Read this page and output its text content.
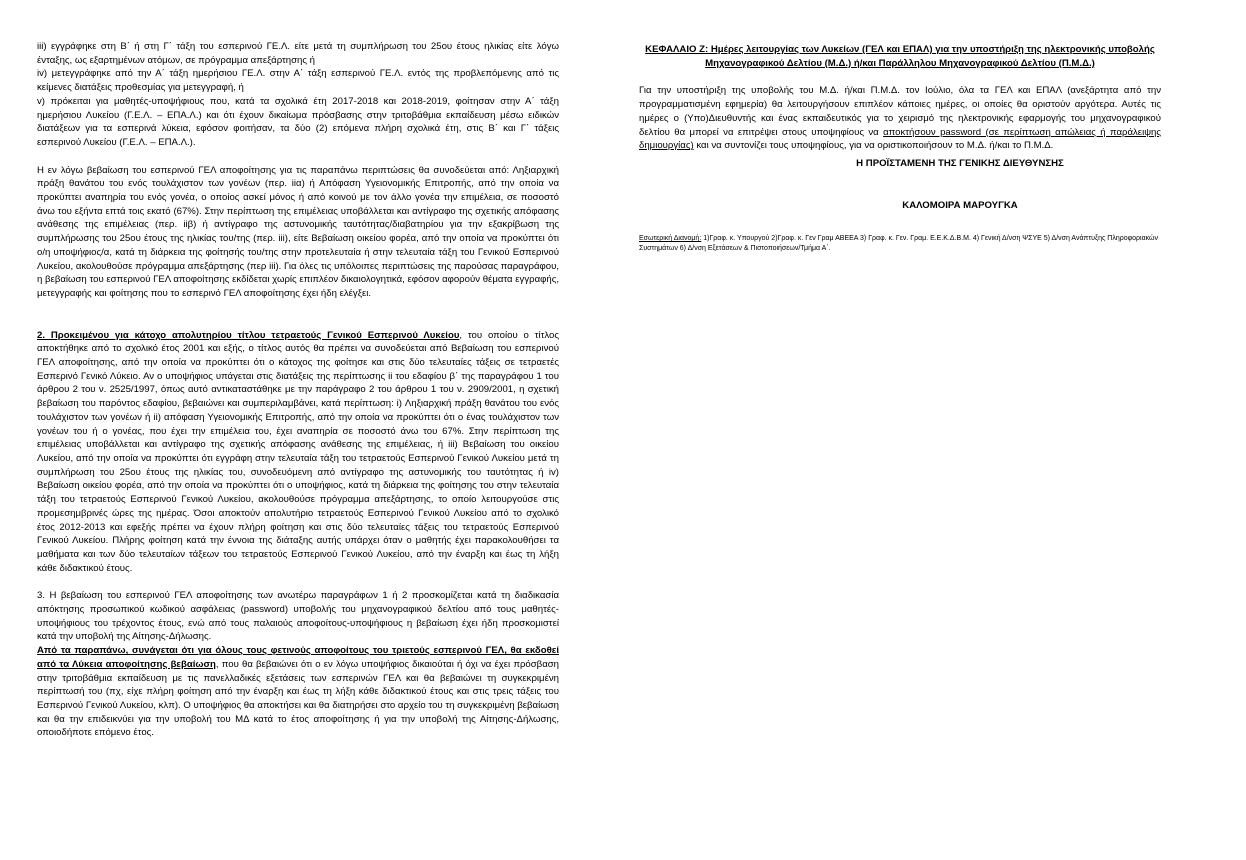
iii) εγγράφηκε στη Β΄ ή στη Γ΄ τάξη του εσπερινού ΓΕ.Λ. είτε μετά τη συμπλήρωση του 25ου έτους ηλικίας είτε λόγω ένταξης, ως εξαρτημένων ατόμων, σε πρόγραμμα απεξάρτησης ή

iv) μετεγγράφηκε από την Α΄ τάξη ημερήσιου ΓΕ.Λ. στην Α΄ τάξη εσπερινού ΓΕ.Λ. εντός της προβλεπόμενης από τις κείμενες διατάξεις προθεσμίας για μετεγγραφή, ή

v) πρόκειται για μαθητές-υποψήφιους που, κατά τα σχολικά έτη 2017-2018 και 2018-2019, φοίτησαν στην Α΄ τάξη ημερήσιου Λυκείου (Γ.Ε.Λ. – ΕΠΑ.Λ.) και ότι έχουν δικαίωμα πρόσβασης στην τριτοβάθμια εκπαίδευση μέσω ειδικών διατάξεων για τα εσπερινά λύκεια, εφόσον φοιτήσαν, τα δύο (2) επόμενα πλήρη σχολικά έτη, στις Β΄ και Γ΄ τάξεις εσπερινού Λυκείου (Γ.Ε.Λ. – ΕΠΑ.Λ.).

Η εν λόγω βεβαίωση του εσπερινού ΓΕΛ αποφοίτησης για τις παραπάνω περιπτώσεις θα συνοδεύεται από: Ληξιαρχική πράξη θανάτου του ενός τουλάχιστον των γονέων (περ. iiα) ή Απόφαση Υγειονομικής Επιτροπής, από την οποία να προκύπτει αναπηρία του ενός γονέα, ο οποίος ασκεί μόνος ή από κοινού με τον άλλο γονέα την επιμέλεια, σε ποσοστό άνω του εξήντα επτά τοις εκατό (67%). Στην περίπτωση της επιμέλειας υποβάλλεται και αντίγραφο της σχετικής απόφασης ανάθεσης της επιμέλειας (περ. iiβ) ή αντίγραφο της αστυνομικής ταυτότητας/διαβατηρίου για την εξακρίβωση της συμπλήρωσης του 25ου έτους της ηλικίας του/της (περ. iii), είτε Βεβαίωση οικείου φορέα, από την οποία να προκύπτει ότι ο/η υποψήφιος/α, κατά τη διάρκεια της φοίτησής του/της στην προτελευταία ή στην τελευταία τάξη του Γενικού Εσπερινού Λυκείου, ακολουθούσε πρόγραμμα απεξάρτησης (περ iii). Για όλες τις υπόλοιπες περιπτώσεις της παρούσας παραγράφου, η βεβαίωση του εσπερινού ΓΕΛ αποφοίτησης εκδίδεται χωρίς επιπλέον δικαιολογητικά, εφόσον αφορούν θέματα εγγραφής, μετεγγραφής και φοίτησης που το εσπερινό ΓΕΛ αποφοίτησης έχει ήδη ελέγξει.

2. Προκειμένου για κάτοχο απολυτηρίου τίτλου τετραετούς Γενικού Εσπερινού Λυκείου, του οποίου ο τίτλος αποκτήθηκε από το σχολικό έτος 2001 και εξής, ο τίτλος αυτός θα πρέπει να συνοδεύεται από Βεβαίωση του εσπερινού ΓΕΛ αποφοίτησης, από την οποία να προκύπτει ότι ο κάτοχος της φοίτησε και στις δύο τελευταίες τάξεις σε τετραετές Εσπερινό Γενικό Λύκειο. Αν ο υποψήφιος υπάγεται στις διατάξεις της περίπτωσης ii του εδαφίου β΄ της παραγράφου 1 του άρθρου 2 του ν. 2525/1997, όπως αυτό αντικαταστάθηκε με την παράγραφο 2 του άρθρου 1 του ν. 2909/2001, η σχετική βεβαίωση του παρόντος εδαφίου, βεβαιώνει και συμπεριλαμβάνει, κατά περίπτωση: i) Ληξιαρχική πράξη θανάτου του ενός τουλάχιστον των γονέων ή ii) απόφαση Υγειονομικής Επιτροπής, από την οποία να προκύπτει ότι ο ένας τουλάχιστον των γονέων του ή ο γονέας, που έχει την επιμέλεια του, έχει αναπηρία σε ποσοστό άνω του 67%. Στην περίπτωση της επιμέλειας υποβάλλεται και αντίγραφο της σχετικής απόφασης ανάθεσης της επιμέλειας, ή iii) Βεβαίωση του οικείου Λυκείου, από την οποία να προκύπτει ότι εγγράφη στην τελευταία τάξη του τετραετούς Εσπερινού Γενικού Λυκείου μετά τη συμπλήρωση του 25ου έτους της ηλικίας του, συνοδευόμενη από αντίγραφο της αστυνομικής του ταυτότητας ή iv) Βεβαίωση οικείου φορέα, από την οποία να προκύπτει ότι ο υποψήφιος, κατά τη διάρκεια της φοίτησης του στην τελευταία τάξη του τετραετούς Εσπερινού Γενικού Λυκείου, ακολουθούσε πρόγραμμα απεξάρτησης, το οποίο λειτουργούσε στις προμεσημβρινές ώρες της ημέρας. Όσοι αποκτούν απολυτήριο τετραετούς Εσπερινού Γενικού Λυκείου από το σχολικό έτος 2012-2013 και εφεξής πρέπει να έχουν πλήρη φοίτηση και στις δύο τελευταίες τάξεις του τετραετούς Εσπερινού Γενικού Λυκείου. Πλήρης φοίτηση κατά την έννοια της διάταξης αυτής υπάρχει όταν ο μαθητής έχει παρακολουθήσει τα μαθήματα και των δύο τελευταίων τάξεων του τετραετούς Εσπερινού Γενικού Λυκείου, από την έναρξη και έως τη λήξη κάθε διδακτικού έτους.

3. Η βεβαίωση του εσπερινού ΓΕΛ αποφοίτησης των ανωτέρω παραγράφων 1 ή 2 προσκομίζεται κατά τη διαδικασία απόκτησης προσωπικού κωδικού ασφάλειας (password) υποβολής του μηχανογραφικού δελτίου από τους μαθητές-υποψήφιους του τρέχοντος έτους, ενώ από τους παλαιούς αποφοίτους-υποψήφιους η βεβαίωση έχει ήδη προσκομιστεί κατά την υποβολή της Αίτησης-Δήλωσης.

Από τα παραπάνω, συνάγεται ότι για όλους τους φετινούς αποφοίτους του τριετούς εσπερινού ΓΕΛ, θα εκδοθεί από τα Λύκεια αποφοίτησης βεβαίωση, που θα βεβαιώνει ότι ο εν λόγω υποψήφιος δικαιούται ή όχι να έχει πρόσβαση στην τριτοβάθμια εκπαίδευση με τις πανελλαδικές εξετάσεις των εσπερινών ΓΕΛ και θα βεβαιώνει τη συγκεκριμένη περίπτωσή του (πχ, είχε πλήρη φοίτηση από την έναρξη και έως τη λήξη κάθε διδακτικού έτους και στις τρεις τάξεις του Εσπερινού Γενικού Λυκείου, κλπ). Ο υποψήφιος θα αποκτήσει και θα διατηρήσει στο αρχείο του τη συγκεκριμένη βεβαίωση και θα την επιδεικνύει για την υποβολή του ΜΔ κατά το έτος αποφοίτησης ή για την υποβολή της Αίτησης-Δήλωσης, οποιοδήποτε επόμενο έτος.

ΚΕΦΑΛΑΙΟ Ζ: Ημέρες λειτουργίας των Λυκείων (ΓΕΛ και ΕΠΑΛ) για την υποστήριξη της ηλεκτρονικής υποβολής
Μηχανογραφικού Δελτίου (Μ.Δ.) ή/και Παράλληλου Μηχανογραφικού Δελτίου (Π.Μ.Δ.)

Για την υποστήριξη της υποβολής του Μ.Δ. ή/και Π.Μ.Δ. τον Ιούλιο, όλα τα ΓΕΛ και ΕΠΑΛ (ανεξάρτητα από την προγραμματισμένη εφημερία) θα λειτουργήσουν επιπλέον κάποιες ημέρες, οι οποίες θα οριστούν αργότερα. Αυτές τις ημέρες ο (Υπο)Διευθυντής και ένας εκπαιδευτικός για το χειρισμό της ηλεκτρονικής εφαρμογής του μηχανογραφικού δελτίου θα μπορεί να επιτρέψει στους υποψηφίους να αποκτήσουν password (σε περίπτωση απώλειας ή παράλειψης δημιουργίας) και να συντονίζει τους υποψηφίους, για να οριστικοποιήσουν το Μ.Δ. ή/και το Π.Μ.Δ.

Η ΠΡΟΪΣΤΑΜΕΝΗ ΤΗΣ ΓΕΝΙΚΗΣ ΔΙΕΥΘΥΝΣΗΣ

ΚΑΛΟΜΟΙΡΑ ΜΑΡΟΥΓΚΑ

Εσωτερική Διανομή: 1)Γραφ. κ. Υπουργού 2)Γραφ. κ. Γεν Γραμ ΑΒΕΕΑ 3) Γραφ. κ. Γεν. Γραμ. Ε.Ε.Κ.Δ.Β.Μ. 4) Γενική Δ/νση ΨΣΥΕ 5) Δ/νση Ανάπτυξης Πληροφοριακών Συστημάτων 6) Δ/νση Εξετάσεων & Πιστοποιήσεων/Τμήμα Α΄.
